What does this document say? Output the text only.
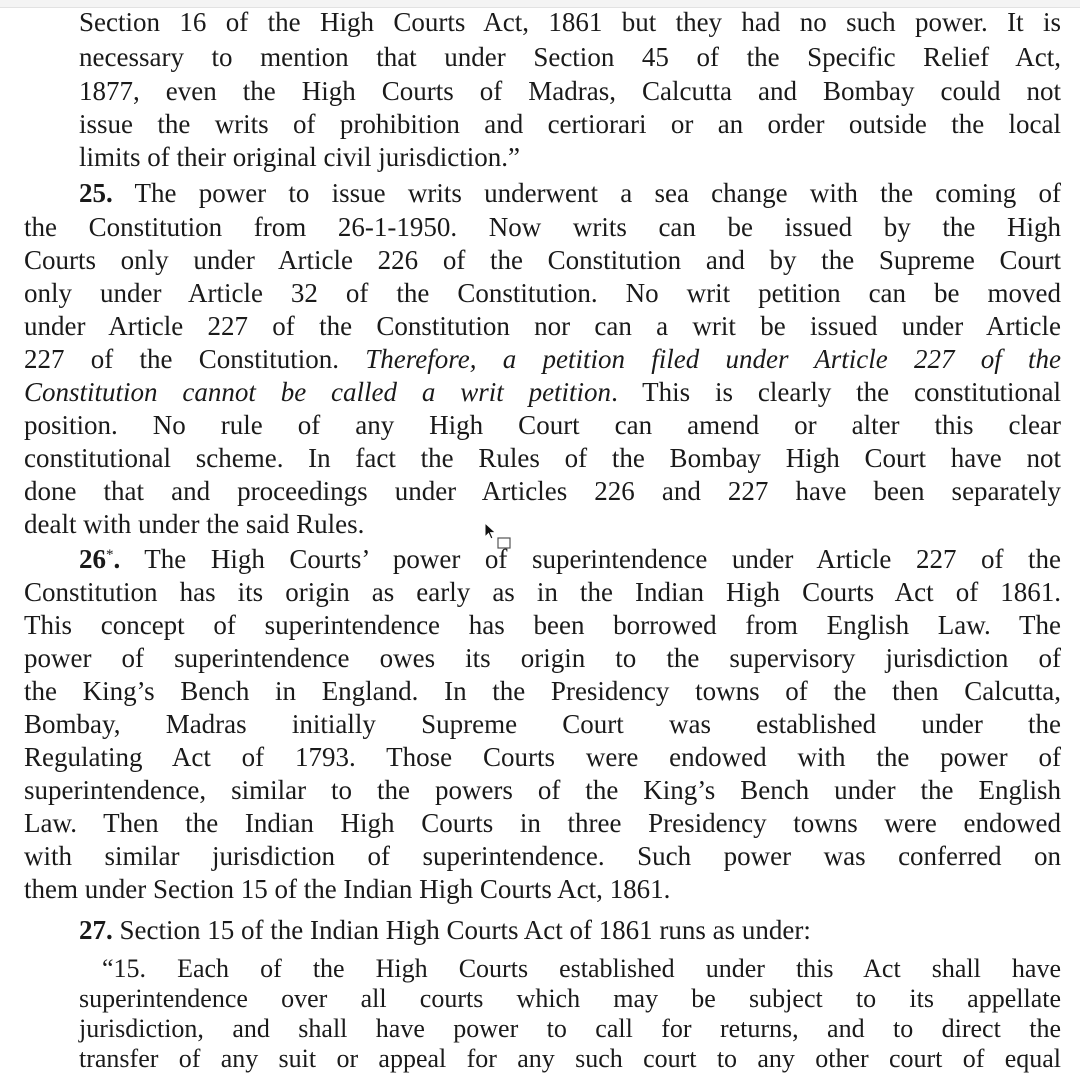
Section 16 of the High Courts Act, 1861 but they had no such power. It is
necessary to mention that under Section 45 of the Specific Relief Act,
1877, even the High Courts of Madras, Calcutta and Bombay could not
issue the writs of prohibition and certiorari or an order outside the local
limits of their original civil jurisdiction.”
25. The power to issue writs underwent a sea change with the coming of
the Constitution from 26-1-1950. Now writs can be issued by the High
Courts only under Article 226 of the Constitution and by the Supreme Court
only under Article 32 of the Constitution. No writ petition can be moved
under Article 227 of the Constitution nor can a writ be issued under Article
227 of the Constitution. Therefore, a petition filed under Article 227 of the
Constitution cannot be called a writ petition. This is clearly the constitutional
position. No rule of any High Court can amend or alter this clear
constitutional scheme. In fact the Rules of the Bombay High Court have not
done that and proceedings under Articles 226 and 227 have been separately
dealt with under the said Rules.
26*. The High Courts’ power of superintendence under Article 227 of the
Constitution has its origin as early as in the Indian High Courts Act of 1861.
This concept of superintendence has been borrowed from English Law. The
power of superintendence owes its origin to the supervisory jurisdiction of
the King’s Bench in England. In the Presidency towns of the then Calcutta,
Bombay, Madras initially Supreme Court was established under the
Regulating Act of 1793. Those Courts were endowed with the power of
superintendence, similar to the powers of the King’s Bench under the English
Law. Then the Indian High Courts in three Presidency towns were endowed
with similar jurisdiction of superintendence. Such power was conferred on
them under Section 15 of the Indian High Courts Act, 1861.
27. Section 15 of the Indian High Courts Act of 1861 runs as under:
“15. Each of the High Courts established under this Act shall have
superintendence over all courts which may be subject to its appellate
jurisdiction, and shall have power to call for returns, and to direct the
transfer of any suit or appeal for any such court to any other court of equal
